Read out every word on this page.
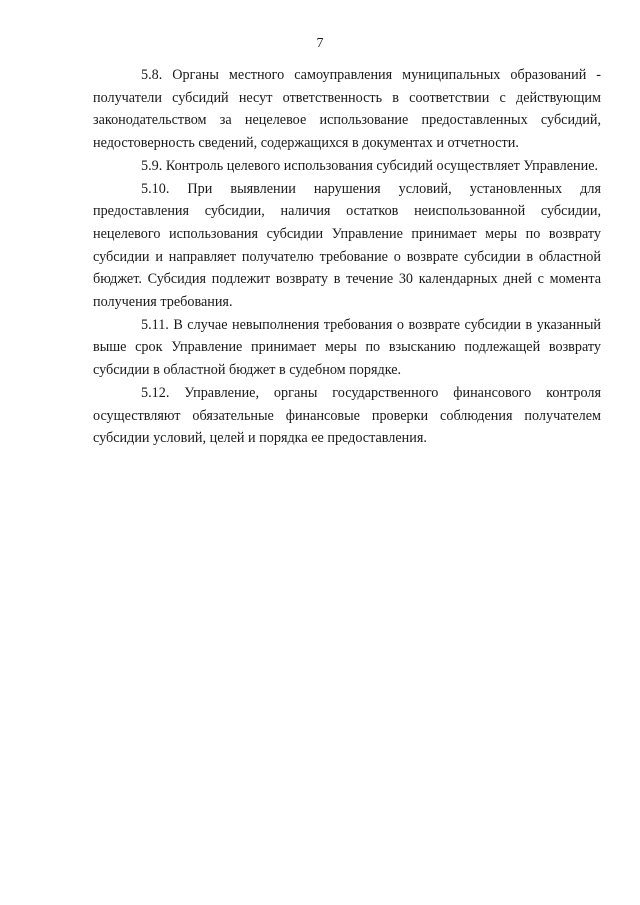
7

5.8. Органы местного самоуправления муниципальных образований - получатели субсидий несут ответственность в соответствии с действующим законодательством за нецелевое использование предоставленных субсидий, недостоверность сведений, содержащихся в документах и отчетности.

5.9. Контроль целевого использования субсидий осуществляет Управление.

5.10. При выявлении нарушения условий, установленных для предоставления субсидии, наличия остатков неиспользованной субсидии, нецелевого использования субсидии Управление принимает меры по возврату субсидии и направляет получателю требование о возврате субсидии в областной бюджет. Субсидия подлежит возврату в течение 30 календарных дней с момента получения требования.

5.11. В случае невыполнения требования о возврате субсидии в указанный выше срок Управление принимает меры по взысканию подлежащей возврату субсидии в областной бюджет в судебном порядке.

5.12. Управление, органы государственного финансового контроля осуществляют обязательные финансовые проверки соблюдения получателем субсидии условий, целей и порядка ее предоставления.
